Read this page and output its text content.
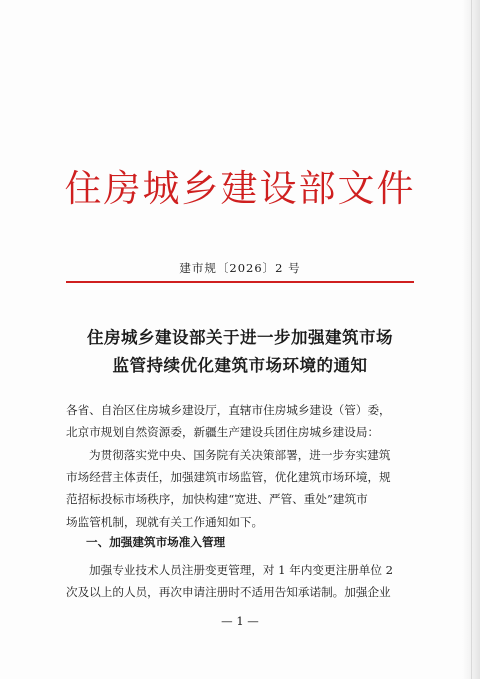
住房城乡建设部文件
建市规〔2026〕2 号
住房城乡建设部关于进一步加强建筑市场
监管持续优化建筑市场环境的通知
各省、自治区住房城乡建设厅，直辖市住房城乡建设（管）委，
北京市规划自然资源委，新疆生产建设兵团住房城乡建设局：
为贯彻落实党中央、国务院有关决策部署，进一步夯实建筑
市场经营主体责任，加强建筑市场监管，优化建筑市场环境，规
范招标投标市场秩序，加快构建“宽进、严管、重处”建筑市
场监管机制，现就有关工作通知如下。
一、加强建筑市场准入管理
加强专业技术人员注册变更管理，对 1 年内变更注册单位 2
次及以上的人员，再次申请注册时不适用告知承诺制。加强企业
— 1 —
